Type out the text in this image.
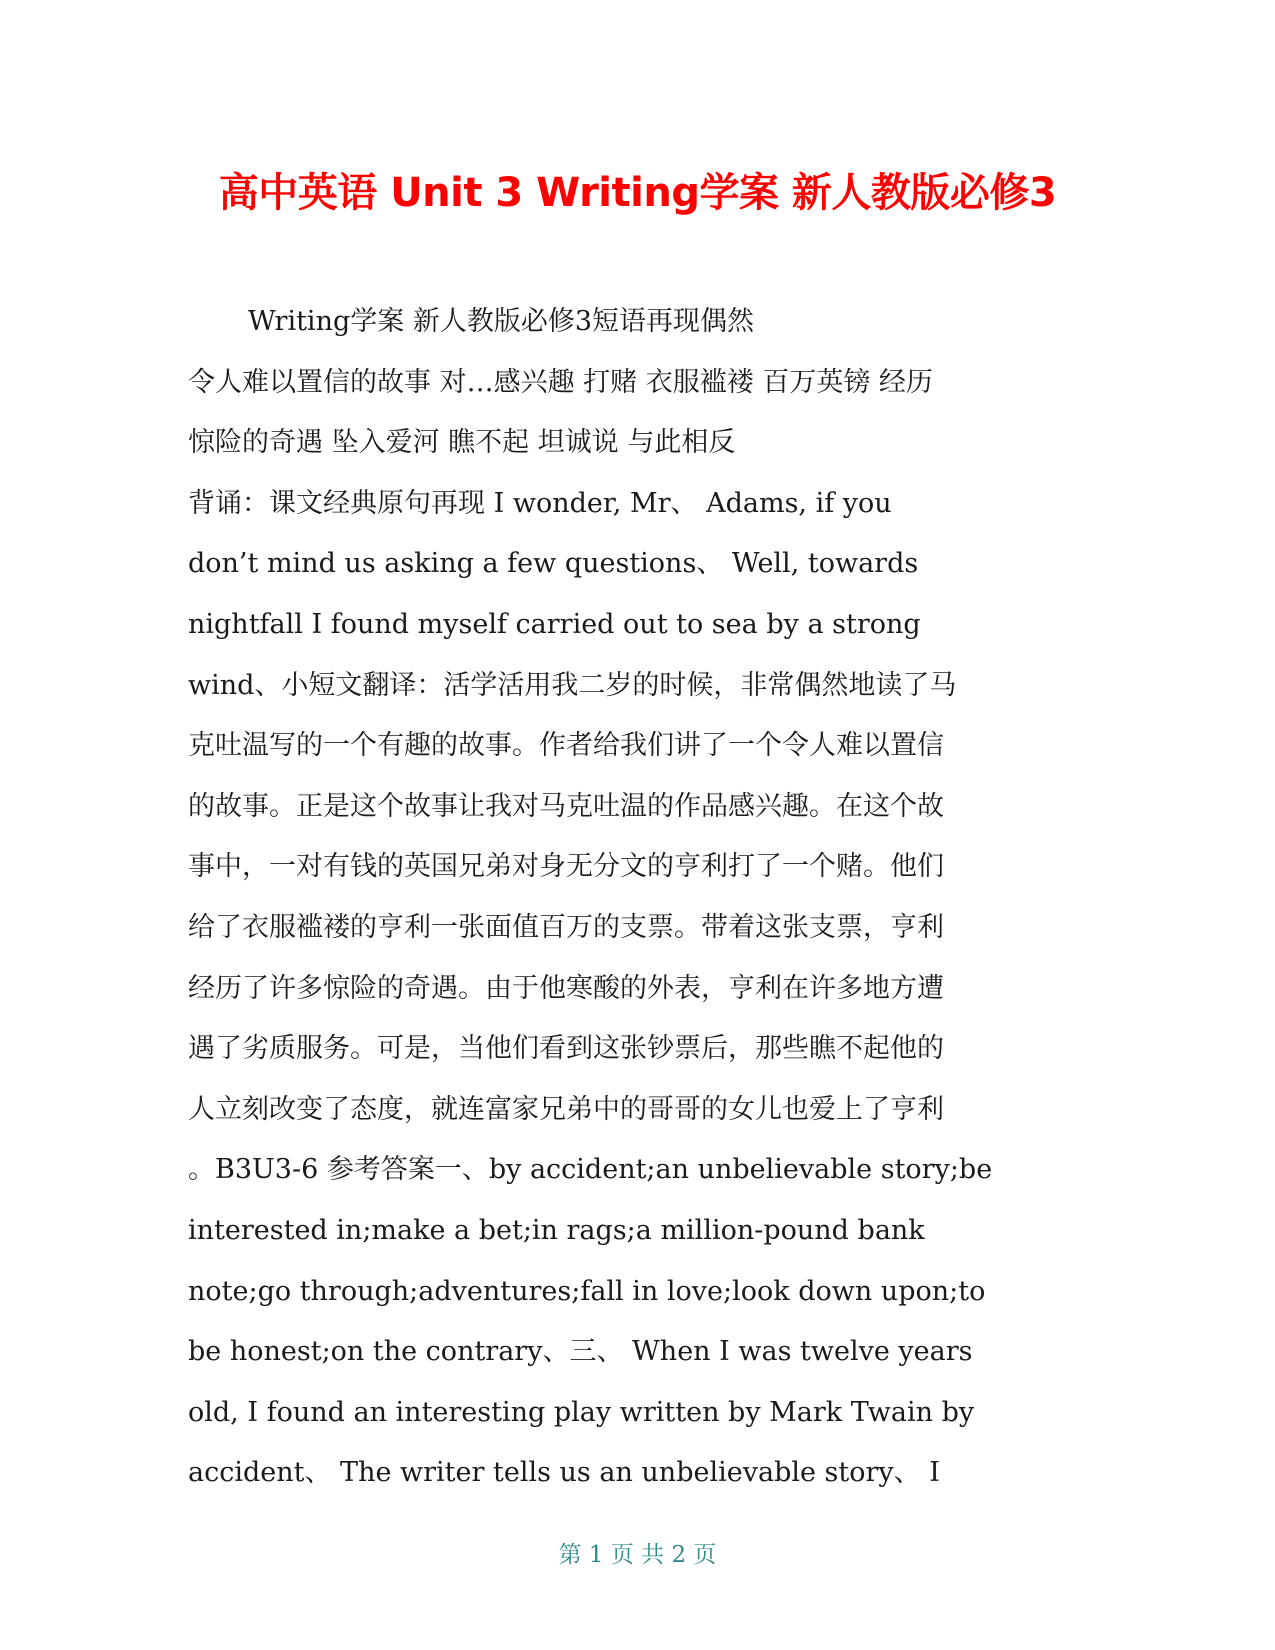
高中英语 Unit 3 Writing学案 新人教版必修3
Writing学案 新人教版必修3短语再现偶然
令人难以置信的故事 对…感兴趣 打赌 衣服褴褛 百万英镑 经历
惊险的奇遇 坠入爱河 瞧不起 坦诚说 与此相反
背诵：课文经典原句再现 I wonder, Mr、 Adams, if you
don’t mind us asking a few questions、 Well, towards
nightfall I found myself carried out to sea by a strong
wind、小短文翻译：活学活用我二岁的时候，非常偶然地读了马
克吐温写的一个有趣的故事。作者给我们讲了一个令人难以置信
的故事。正是这个故事让我对马克吐温的作品感兴趣。在这个故
事中，一对有钱的英国兄弟对身无分文的亨利打了一个赌。他们
给了衣服褴褛的亨利一张面值百万的支票。带着这张支票，亨利
经历了许多惊险的奇遇。由于他寒酸的外表，亨利在许多地方遭
遇了劣质服务。可是，当他们看到这张钞票后，那些瞧不起他的
人立刻改变了态度，就连富家兄弟中的哥哥的女儿也爱上了亨利
。B3U3-6 参考答案一、by accident;an unbelievable story;be
interested in;make a bet;in rags;a million-pound bank
note;go through;adventures;fall in love;look down upon;to
be honest;on the contrary、三、 When I was twelve years
old, I found an interesting play written by Mark Twain by
accident、 The writer tells us an unbelievable story、 I
第 1 页 共 2 页
